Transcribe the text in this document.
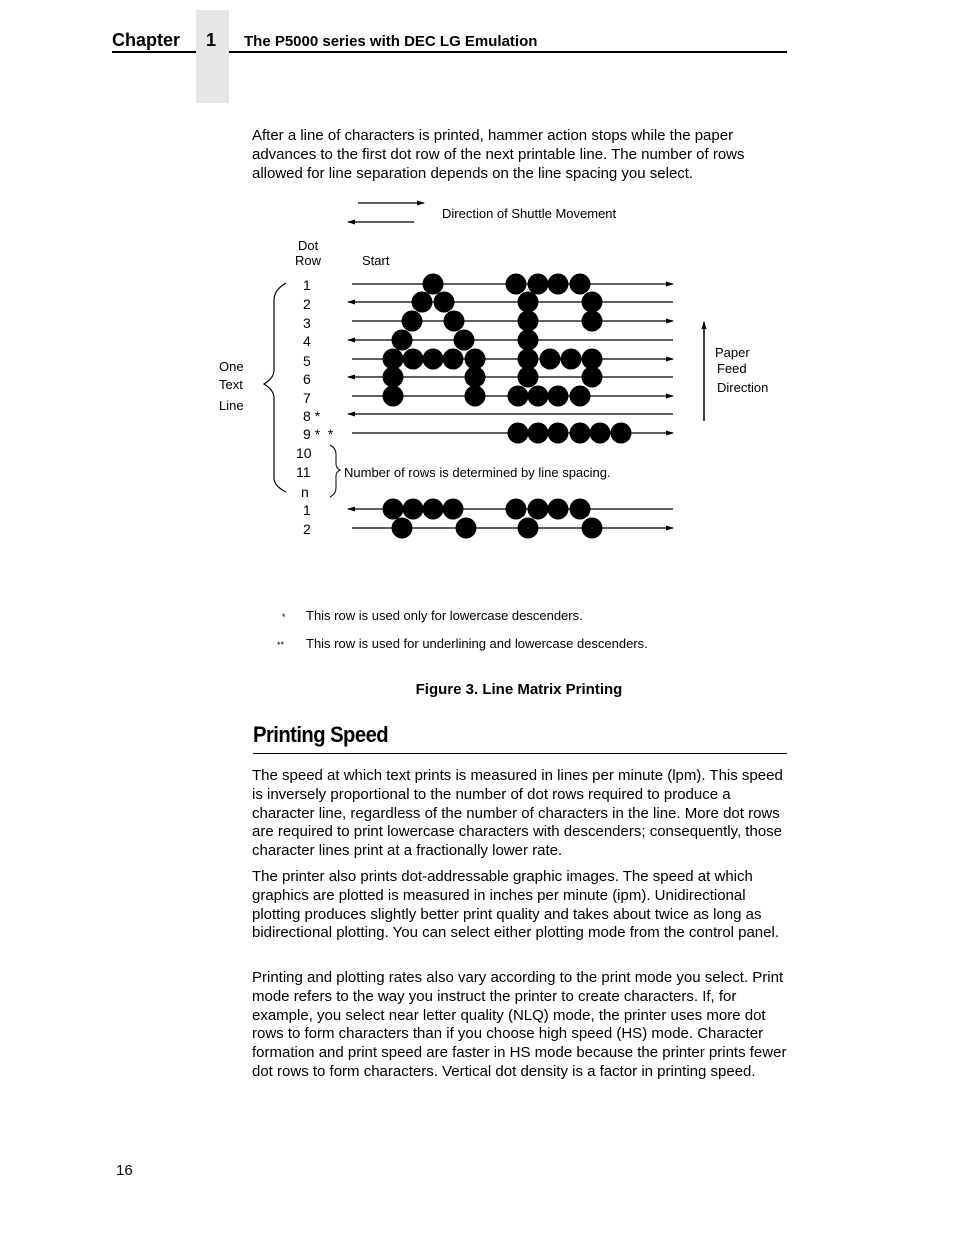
Chapter 1 The P5000 series with DEC LG Emulation

After a line of characters is printed, hammer action stops while the paper advances to the first dot row of the next printable line. The number of rows allowed for line separation depends on the line spacing you select.

Direction of Shuttle Movement
Dot
Row	Start
1
2
3
4
5
6
7
8 *
9 *  *
10
11
n
1
2
One
Text
Line
Number of rows is determined by line spacing.
Paper
Feed
Direction
* This row is used only for lowercase descenders.
** This row is used for underlining and lowercase descenders.
Figure 3. Line Matrix Printing
Printing Speed

The speed at which text prints is measured in lines per minute (lpm). This speed is inversely proportional to the number of dot rows required to produce a character line, regardless of the number of characters in the line. More dot rows are required to print lowercase characters with descenders; consequently, those character lines print at a fractionally lower rate.

The printer also prints dot-addressable graphic images. The speed at which graphics are plotted is measured in inches per minute (ipm). Unidirectional plotting produces slightly better print quality and takes about twice as long as bidirectional plotting. You can select either plotting mode from the control panel.

Printing and plotting rates also vary according to the print mode you select. Print mode refers to the way you instruct the printer to create characters. If, for example, you select near letter quality (NLQ) mode, the printer uses more dot rows to form characters than if you choose high speed (HS) mode. Character formation and print speed are faster in HS mode because the printer prints fewer dot rows to form characters. Vertical dot density is a factor in printing speed.

16
